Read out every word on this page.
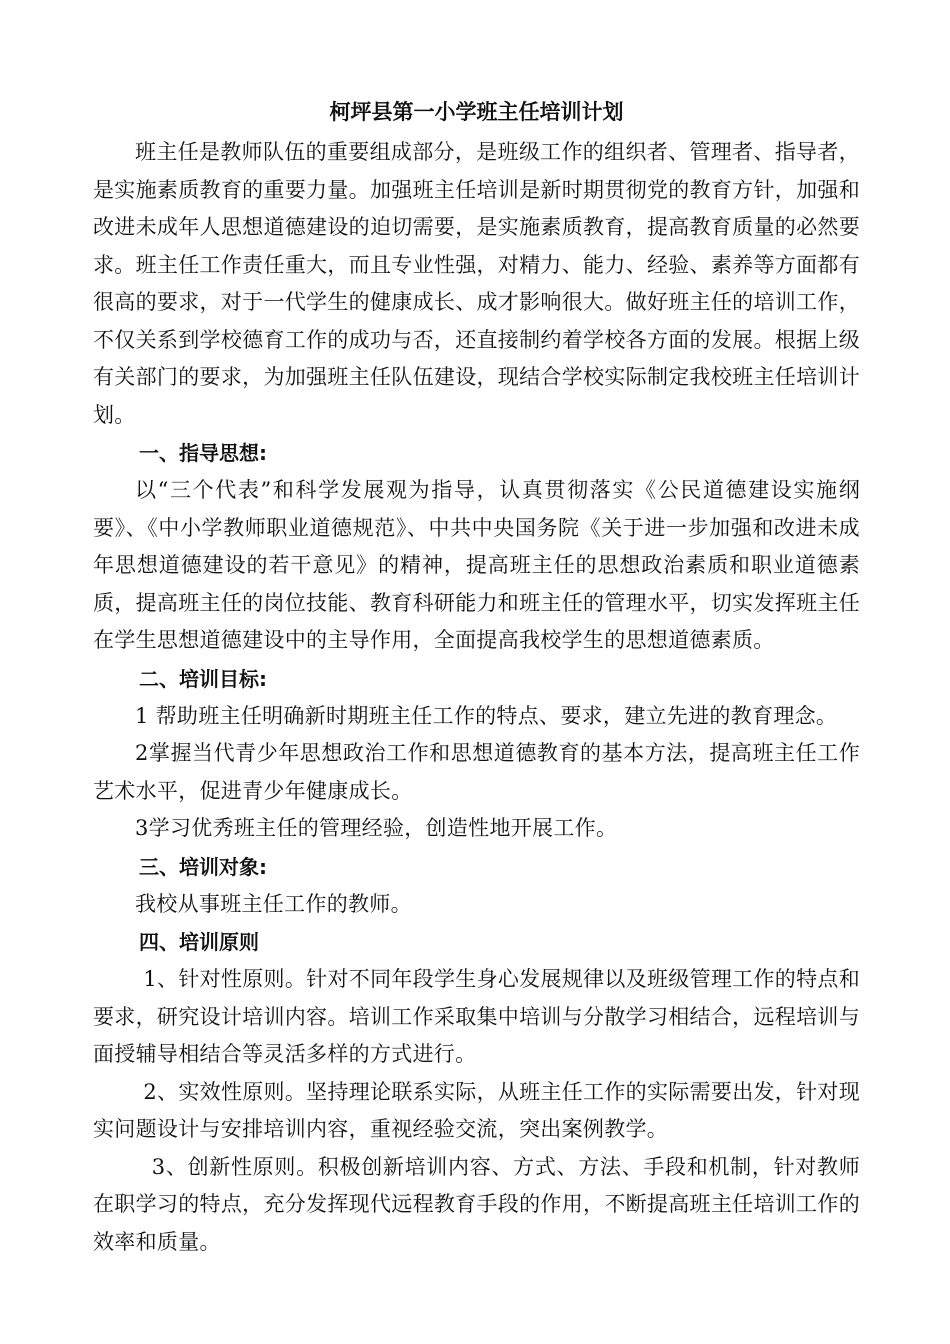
柯坪县第一小学班主任培训计划

班主任是教师队伍的重要组成部分，是班级工作的组织者、管理者、指导者，是实施素质教育的重要力量。加强班主任培训是新时期贯彻党的教育方针，加强和改进未成年人思想道德建设的迫切需要，是实施素质教育，提高教育质量的必然要求。班主任工作责任重大，而且专业性强，对精力、能力、经验、素养等方面都有很高的要求，对于一代学生的健康成长、成才影响很大。做好班主任的培训工作，不仅关系到学校德育工作的成功与否，还直接制约着学校各方面的发展。根据上级有关部门的要求，为加强班主任队伍建设，现结合学校实际制定我校班主任培训计划。

一、指导思想:

以“三个代表”和科学发展观为指导，认真贯彻落实《公民道德建设实施纲要》、《中小学教师职业道德规范》、中共中央国务院《关于进一步加强和改进未成年思想道德建设的若干意见》的精神，提高班主任的思想政治素质和职业道德素质，提高班主任的岗位技能、教育科研能力和班主任的管理水平，切实发挥班主任在学生思想道德建设中的主导作用，全面提高我校学生的思想道德素质。

二、培训目标:

1 帮助班主任明确新时期班主任工作的特点、要求，建立先进的教育理念。

2掌握当代青少年思想政治工作和思想道德教育的基本方法，提高班主任工作艺术水平，促进青少年健康成长。

3学习优秀班主任的管理经验，创造性地开展工作。

三、培训对象:

我校从事班主任工作的教师。

四、培训原则

1、针对性原则。针对不同年段学生身心发展规律以及班级管理工作的特点和要求，研究设计培训内容。培训工作采取集中培训与分散学习相结合，远程培训与面授辅导相结合等灵活多样的方式进行。

2、实效性原则。坚持理论联系实际，从班主任工作的实际需要出发，针对现实问题设计与安排培训内容，重视经验交流，突出案例教学。

3、创新性原则。积极创新培训内容、方式、方法、手段和机制，针对教师在职学习的特点，充分发挥现代远程教育手段的作用，不断提高班主任培训工作的效率和质量。
